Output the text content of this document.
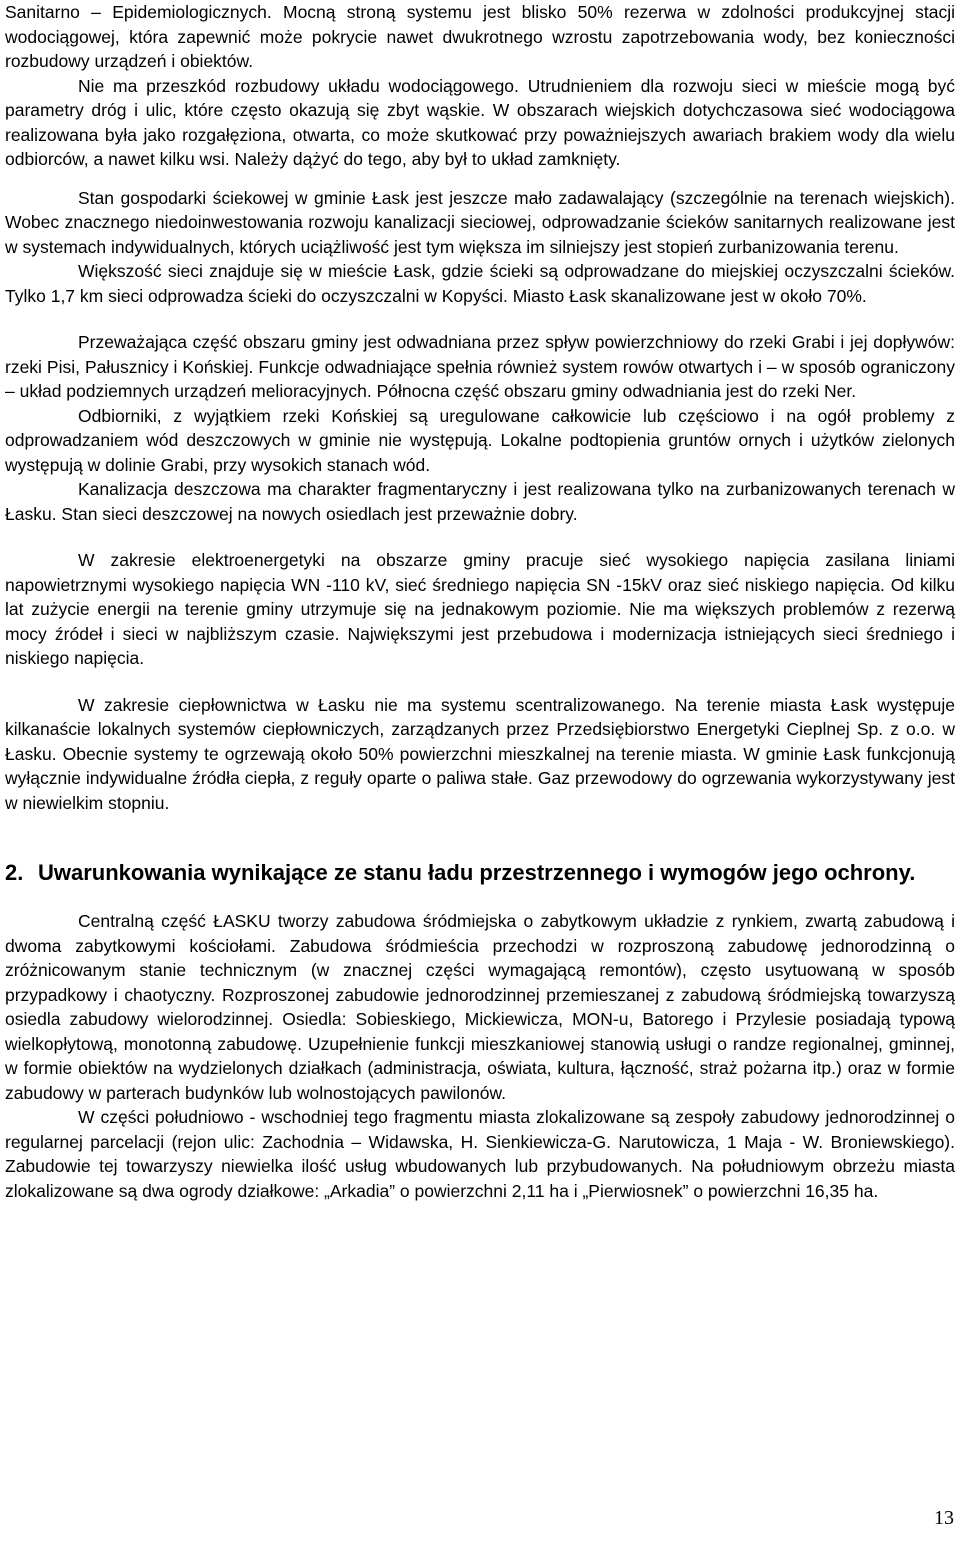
Sanitarno – Epidemiologicznych. Mocną stroną systemu jest blisko 50% rezerwa w zdolności produkcyjnej stacji wodociągowej, która zapewnić może pokrycie nawet dwukrotnego wzrostu zapotrzebowania wody, bez konieczności rozbudowy urządzeń i obiektów.

Nie ma przeszkód rozbudowy układu wodociągowego. Utrudnieniem dla rozwoju sieci w mieście mogą być parametry dróg i ulic, które często okazują się zbyt wąskie. W obszarach wiejskich dotychczasowa sieć wodociągowa realizowana była jako rozgałęziona, otwarta, co może skutkować przy poważniejszych awariach brakiem wody dla wielu odbiorców, a nawet kilku wsi. Należy dążyć do tego, aby był to układ zamknięty.

Stan gospodarki ściekowej w gminie Łask jest jeszcze mało zadawalający (szczególnie na terenach wiejskich). Wobec znacznego niedoinwestowania rozwoju kanalizacji sieciowej, odprowadzanie ścieków sanitarnych realizowane jest w systemach indywidualnych, których uciążliwość jest tym większa im silniejszy jest stopień zurbanizowania terenu.

Większość sieci znajduje się w mieście Łask, gdzie ścieki są odprowadzane do miejskiej oczyszczalni ścieków. Tylko 1,7 km sieci odprowadza ścieki do oczyszczalni w Kopyści. Miasto Łask skanalizowane jest w około 70%.

Przeważająca część obszaru gminy jest odwadniana przez spływ powierzchniowy do rzeki Grabi i jej dopływów: rzeki Pisi, Pałusznicy i Końskiej. Funkcje odwadniające spełnia również system rowów otwartych i – w sposób ograniczony – układ podziemnych urządzeń melioracyjnych. Północna część obszaru gminy odwadniania jest do rzeki Ner.

Odbiorniki, z wyjątkiem rzeki Końskiej są uregulowane całkowicie lub częściowo i na ogół problemy z odprowadzaniem wód deszczowych w gminie nie występują. Lokalne podtopienia gruntów ornych i użytków zielonych występują w dolinie Grabi, przy wysokich stanach wód.

Kanalizacja deszczowa ma charakter fragmentaryczny i jest realizowana tylko na zurbanizowanych terenach w Łasku. Stan sieci deszczowej na nowych osiedlach jest przeważnie dobry.

W zakresie elektroenergetyki na obszarze gminy pracuje sieć wysokiego napięcia zasilana liniami napowietrznymi wysokiego napięcia WN -110 kV, sieć średniego napięcia SN -15kV oraz sieć niskiego napięcia. Od kilku lat zużycie energii na terenie gminy utrzymuje się na jednakowym poziomie. Nie ma większych problemów z rezerwą mocy źródeł i sieci w najbliższym czasie. Największymi jest przebudowa i modernizacja istniejących sieci średniego i niskiego napięcia.

W zakresie ciepłownictwa w Łasku nie ma systemu scentralizowanego. Na terenie miasta Łask występuje kilkanaście lokalnych systemów ciepłowniczych, zarządzanych przez Przedsiębiorstwo Energetyki Cieplnej Sp. z o.o. w Łasku. Obecnie systemy te ogrzewają około 50% powierzchni mieszkalnej na terenie miasta. W gminie Łask funkcjonują wyłącznie indywidualne źródła ciepła, z reguły oparte o paliwa stałe. Gaz przewodowy do ogrzewania wykorzystywany jest w niewielkim stopniu.

2. Uwarunkowania wynikające ze stanu ładu przestrzennego i wymogów jego ochrony.

Centralną część ŁASKU tworzy zabudowa śródmiejska o zabytkowym układzie z rynkiem, zwartą zabudową i dwoma zabytkowymi kościołami. Zabudowa śródmieścia przechodzi w rozproszoną zabudowę jednorodzinną o zróżnicowanym stanie technicznym (w znacznej części wymagającą remontów), często usytuowaną w sposób przypadkowy i chaotyczny. Rozproszonej zabudowie jednorodzinnej przemieszanej z zabudową śródmiejską towarzyszą osiedla zabudowy wielorodzinnej. Osiedla: Sobieskiego, Mickiewicza, MON-u, Batorego i Przylesie posiadają typową wielkopłytową, monotonną zabudowę. Uzupełnienie funkcji mieszkaniowej stanowią usługi o randze regionalnej, gminnej, w formie obiektów na wydzielonych działkach (administracja, oświata, kultura, łączność, straż pożarna itp.) oraz w formie zabudowy w parterach budynków lub wolnostojących pawilonów.

W części południowo - wschodniej tego fragmentu miasta zlokalizowane są zespoły zabudowy jednorodzinnej o regularnej parcelacji (rejon ulic: Zachodnia – Widawska, H. Sienkiewicza-G. Narutowicza, 1 Maja - W. Broniewskiego). Zabudowie tej towarzyszy niewielka ilość usług wbudowanych lub przybudowanych. Na południowym obrzeżu miasta zlokalizowane są dwa ogrody działkowe: „Arkadia” o powierzchni 2,11 ha i „Pierwiosnek” o powierzchni 16,35 ha.

13
